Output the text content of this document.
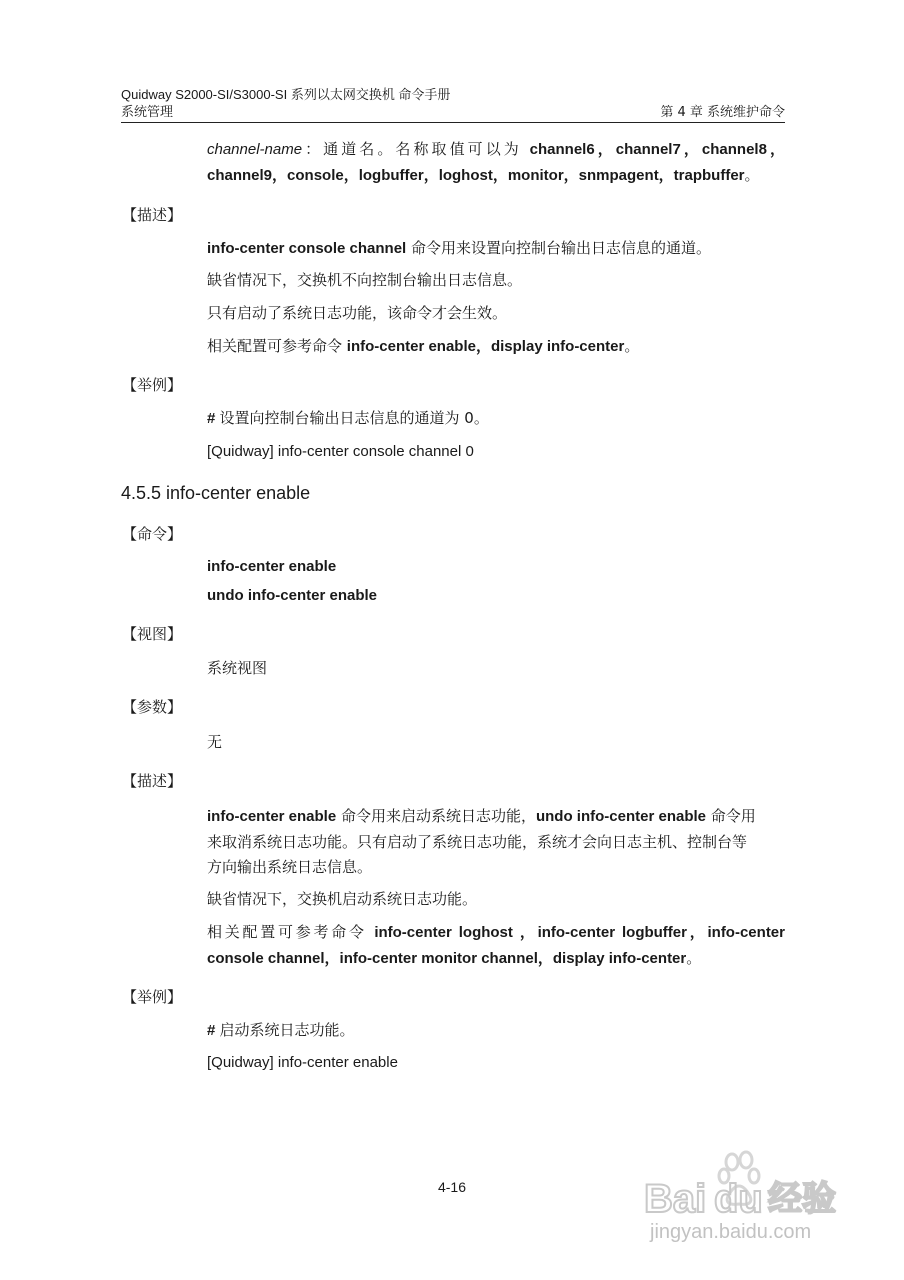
Quidway S2000-SI/S3000-SI 系列以太网交换机 命令手册
系统管理	第 4 章 系统维护命令
channel-name：通道名。名称取值可以为 channel6，channel7，channel8，
channel9，console，logbuffer，loghost，monitor，snmpagent，trapbuffer。
【描述】
info-center console channel 命令用来设置向控制台输出日志信息的通道。
缺省情况下，交换机不向控制台输出日志信息。
只有启动了系统日志功能，该命令才会生效。
相关配置可参考命令 info-center enable，display info-center。
【举例】
# 设置向控制台输出日志信息的通道为 0。
[Quidway] info-center console channel 0
4.5.5 info-center enable
【命令】
info-center enable
undo info-center enable
【视图】
系统视图
【参数】
无
【描述】
info-center enable 命令用来启动系统日志功能，undo info-center enable 命令用
来取消系统日志功能。只有启动了系统日志功能，系统才会向日志主机、控制台等
方向输出系统日志信息。
缺省情况下，交换机启动系统日志功能。
相关配置可参考命令 info-center loghost ，info-center logbuffer，info-center
console channel，info-center monitor channel，display info-center。
【举例】
# 启动系统日志功能。
[Quidway] info-center enable
4-16	Bai du 经验
jingyan.baidu.com
